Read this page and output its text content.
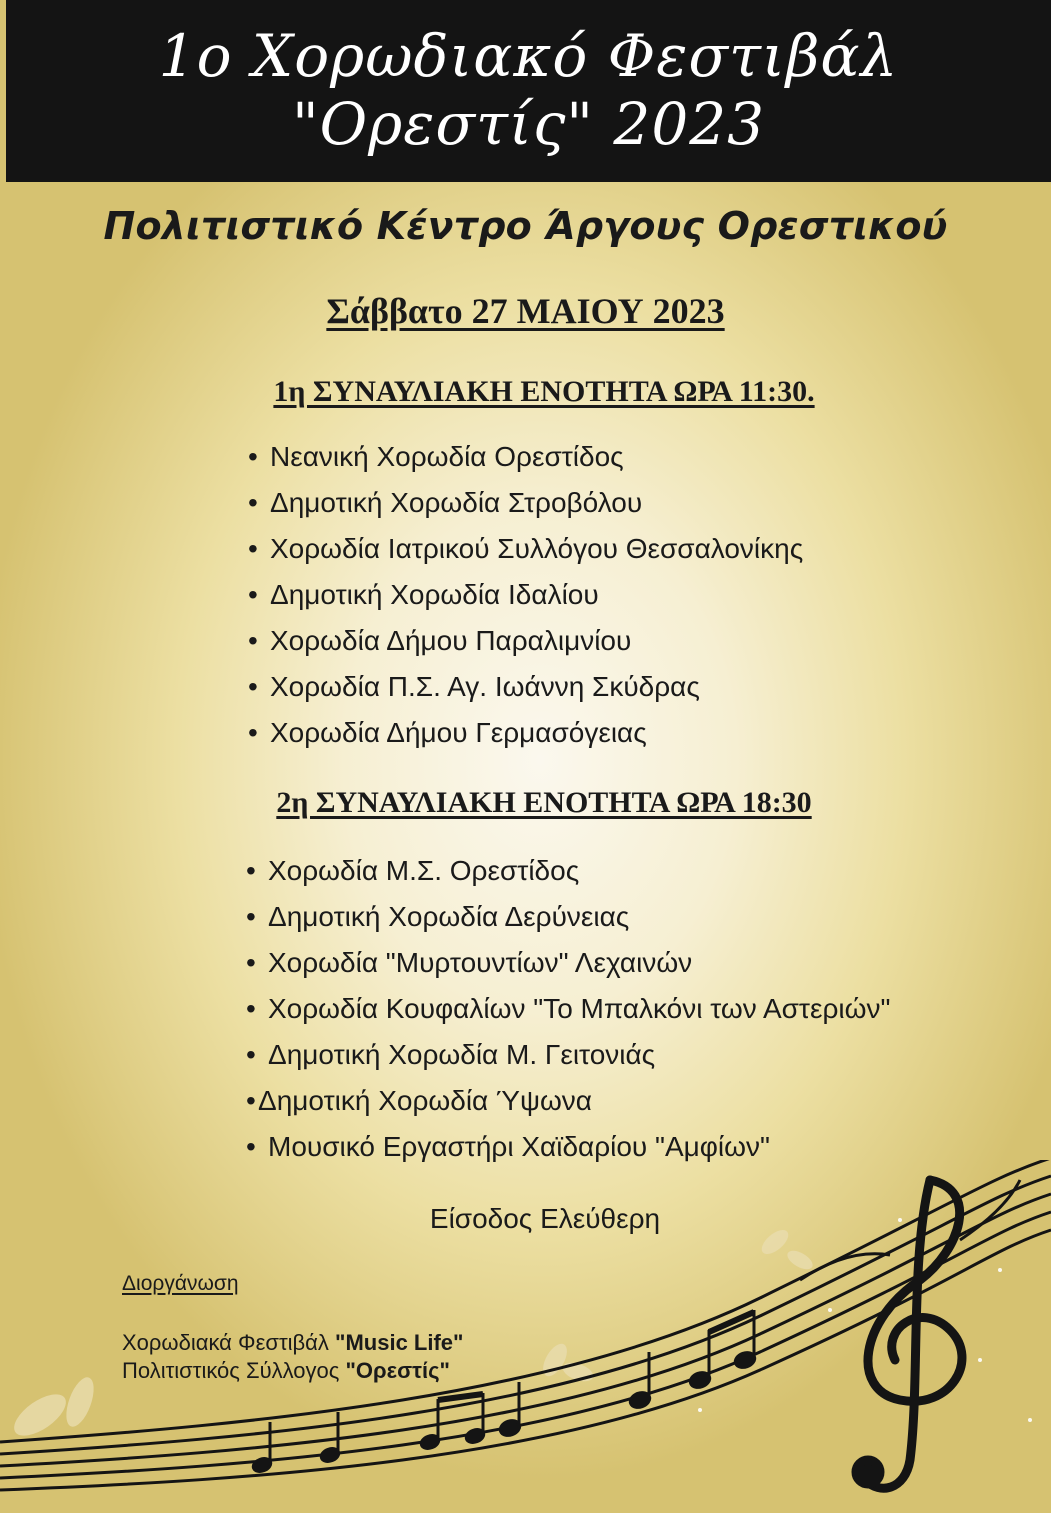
1ο Χορωδιακό Φεστιβάλ
"Ορεστίς" 2023
Πολιτιστικό Κέντρο Άργους Ορεστικού
Σάββατο 27 ΜΑΙΟΥ 2023
1η ΣΥΝΑΥΛΙΑΚΗ ΕΝΟΤΗΤΑ ΩΡΑ 11:30.
• Νεανική Χορωδία Ορεστίδος
• Δημοτική Χορωδία Στροβόλου
• Χορωδία Ιατρικού Συλλόγου Θεσσαλονίκης
• Δημοτική Χορωδία Ιδαλίου
• Χορωδία Δήμου Παραλιμνίου
• Χορωδία Π.Σ. Αγ. Ιωάννη Σκύδρας
• Χορωδία Δήμου Γερμασόγειας
2η ΣΥΝΑΥΛΙΑΚΗ ΕΝΟΤΗΤΑ ΩΡΑ 18:30
• Χορωδία Μ.Σ. Ορεστίδος
• Δημοτική Χορωδία Δερύνειας
• Χορωδία "Μυρτουντίων" Λεχαινών
• Χορωδία Κουφαλίων "Το Μπαλκόνι των Αστεριών"
• Δημοτική Χορωδία Μ. Γειτονιάς
•Δημοτική Χορωδία Ύψωνα
• Μουσικό Εργαστήρι Χαϊδαρίου "Αμφίων"
Είσοδος Ελεύθερη
Διοργάνωση
Χορωδιακά Φεστιβάλ "Music Life"
Πολιτιστικός Σύλλογος "Ορεστίς"
